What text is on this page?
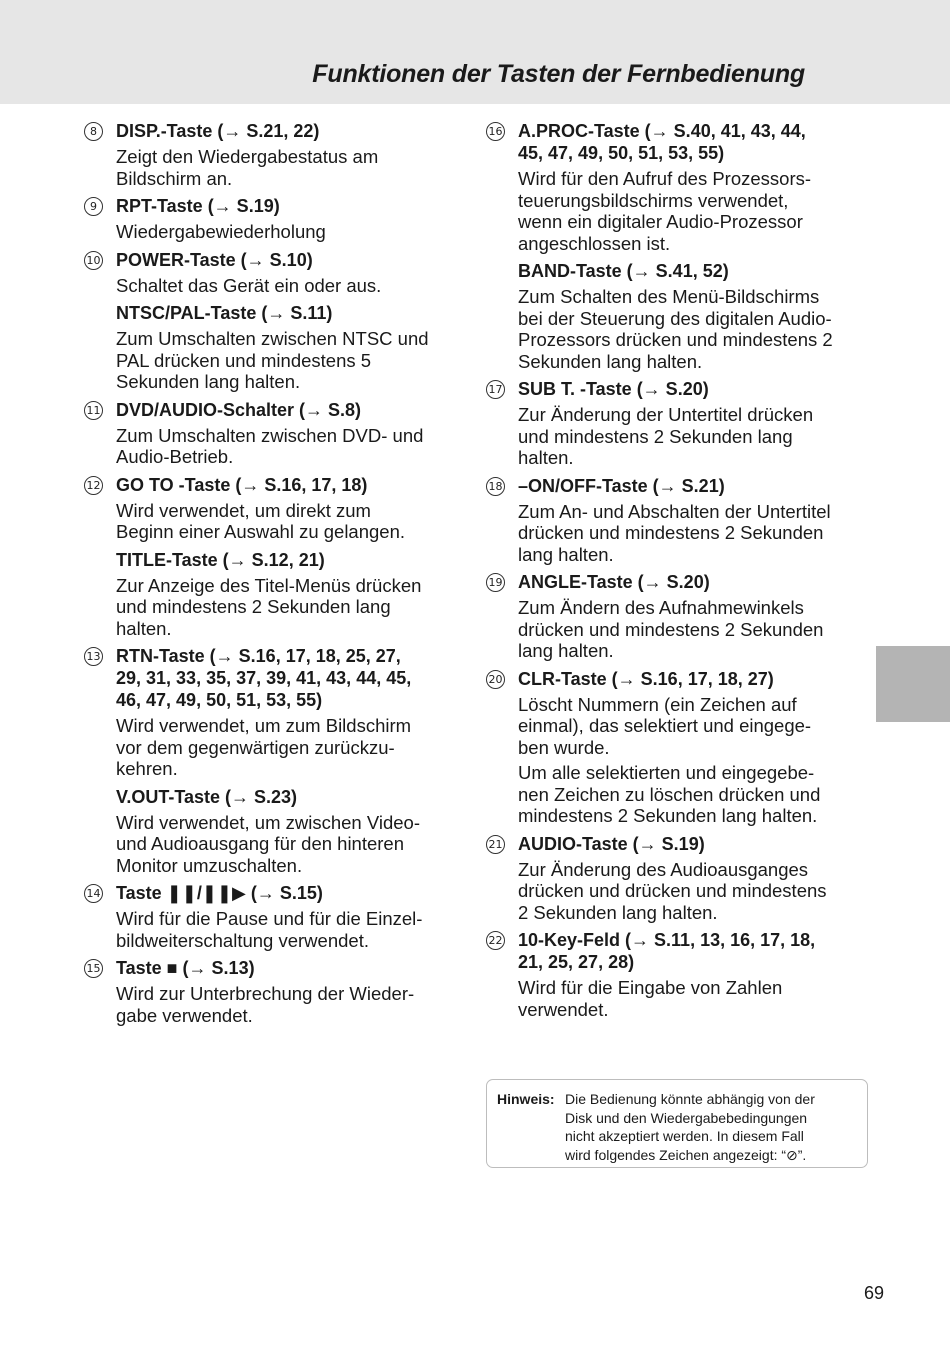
Funktionen der Tasten der Fernbedienung
8	DISP.-Taste (→ S.21, 22)
Zeigt den Wiedergabestatus am
Bildschirm an.
9	RPT-Taste (→ S.19)
Wiedergabewiederholung
10 POWER-Taste (→ S.10)
Schaltet das Gerät ein oder aus.
NTSC/PAL-Taste (→ S.11)
Zum Umschalten zwischen NTSC und
PAL drücken und mindestens 5
Sekunden lang halten.
11 DVD/AUDIO-Schalter (→ S.8)
Zum Umschalten zwischen DVD- und
Audio-Betrieb.
12 GO TO -Taste (→ S.16, 17, 18)
Wird verwendet, um direkt zum
Beginn einer Auswahl zu gelangen.
TITLE-Taste (→ S.12, 21)
Zur Anzeige des Titel-Menüs drücken
und mindestens 2 Sekunden lang
halten.
13 RTN-Taste (→ S.16, 17, 18, 25, 27,
29, 31, 33, 35, 37, 39, 41, 43, 44, 45,
46, 47, 49, 50, 51, 53, 55)
Wird verwendet, um zum Bildschirm
vor dem gegenwärtigen zurückzu-
kehren.
V.OUT-Taste (→ S.23)
Wird verwendet, um zwischen Video-
und Audioausgang für den hinteren
Monitor umzuschalten.
14 Taste ❚❚/❚❚▶ (→ S.15)
Wird für die Pause und für die Einzel-
bildweiterschaltung verwendet.
15 Taste ■ (→ S.13)
Wird zur Unterbrechung der Wieder-
gabe verwendet.
16 A.PROC-Taste (→ S.40, 41, 43, 44,
45, 47, 49, 50, 51, 53, 55)
Wird für den Aufruf des Prozessors-
teuerungsbildschirms verwendet,
wenn ein digitaler Audio-Prozessor
angeschlossen ist.
BAND-Taste (→ S.41, 52)
Zum Schalten des Menü-Bildschirms
bei der Steuerung des digitalen Audio-
Prozessors drücken und mindestens 2
Sekunden lang halten.
17 SUB T. -Taste (→ S.20)
Zur Änderung der Untertitel drücken
und mindestens 2 Sekunden lang
halten.
18 –ON/OFF-Taste (→ S.21)
Zum An- und Abschalten der Untertitel
drücken und mindestens 2 Sekunden
lang halten.
19 ANGLE-Taste (→ S.20)
Zum Ändern des Aufnahmewinkels
drücken und mindestens 2 Sekunden
lang halten.
20 CLR-Taste (→ S.16, 17, 18, 27)
Löscht Nummern (ein Zeichen auf
einmal), das selektiert und eingege-
ben wurde.
Um alle selektierten und eingegebe-
nen Zeichen zu löschen drücken und
mindestens 2 Sekunden lang halten.
21 AUDIO-Taste (→ S.19)
Zur Änderung des Audioausganges
drücken und drücken und mindestens
2 Sekunden lang halten.
22 10-Key-Feld (→ S.11, 13, 16, 17, 18,
21, 25, 27, 28)
Wird für die Eingabe von Zahlen
verwendet.
Hinweis: Die Bedienung könnte abhängig von der
Disk und den Wiedergabebedingungen
nicht akzeptiert werden. In diesem Fall
wird folgendes Zeichen angezeigt: “⊘”.
69
